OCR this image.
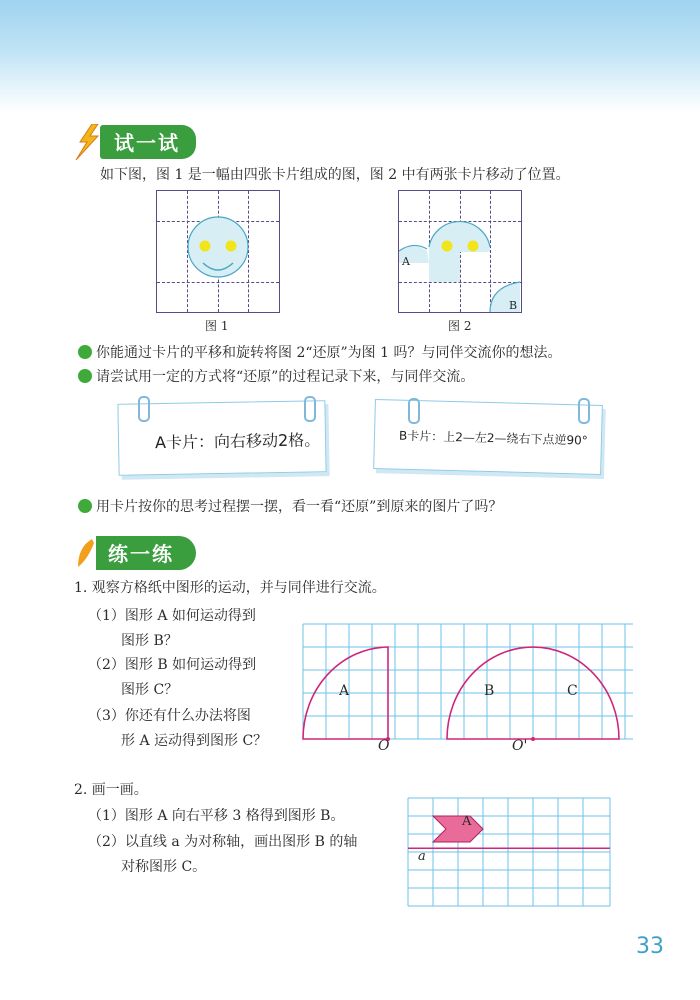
试一试
如下图，图 1 是一幅由四张卡片组成的图，图 2 中有两张卡片移动了位置。
图 1
A
B
图 2
你能通过卡片的平移和旋转将图 2“还原”为图 1 吗？与同伴交流你的想法。
请尝试用一定的方式将“还原”的过程记录下来，与同伴交流。
A卡片：向右移动2格。	B卡片：上2—左2—绕右下点逆90°
用卡片按你的思考过程摆一摆，看一看“还原”到原来的图片了吗？
练一练
1. 观察方格纸中图形的运动，并与同伴进行交流。
（1）图形 A 如何运动得到
图形 B？
（2）图形 B 如何运动得到
图形 C？
（3）你还有什么办法将图
形 A 运动得到图形 C？
A	B	C
O	O'
2. 画一画。
（1）图形 A 向右平移 3 格得到图形 B。
（2）以直线 a 为对称轴，画出图形 B 的轴
对称图形 C。
A
a
33
